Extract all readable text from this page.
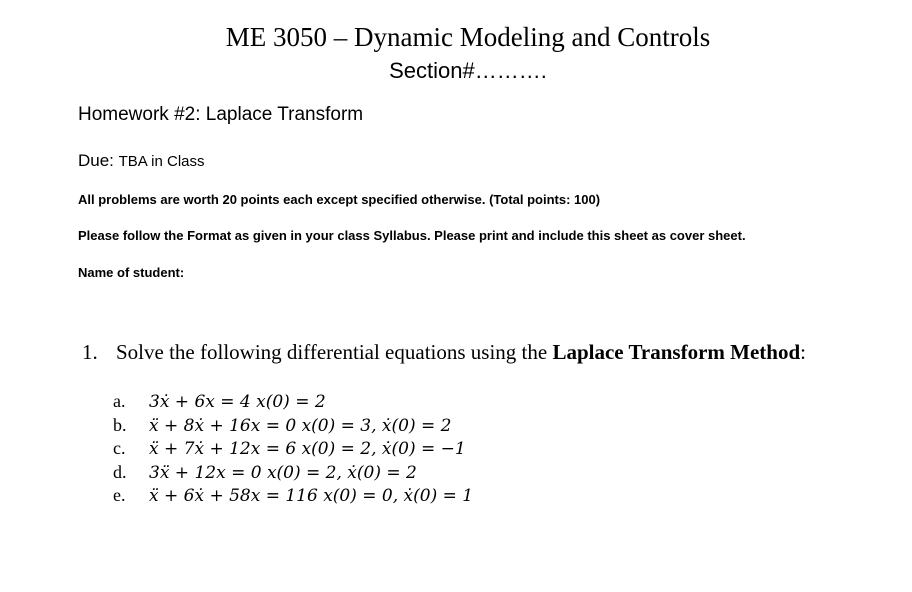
ME 3050 – Dynamic Modeling and Controls
Section#……….
Homework #2: Laplace Transform
Due: TBA in Class
All problems are worth 20 points each except specified otherwise. (Total points: 100)
Please follow the Format as given in your class Syllabus. Please print and include this sheet as cover sheet.
Name of student:
1. Solve the following differential equations using the Laplace Transform Method:
a. 3ẋ + 6x = 4 x(0) = 2
b. ẍ + 8ẋ + 16x = 0 x(0) = 3, ẋ(0) = 2
c. ẍ + 7ẋ + 12x = 6 x(0) = 2, ẋ(0) = −1
d. 3ẍ + 12x = 0 x(0) = 2, ẋ(0) = 2
e. ẍ + 6ẋ + 58x = 116 x(0) = 0, ẋ(0) = 1
